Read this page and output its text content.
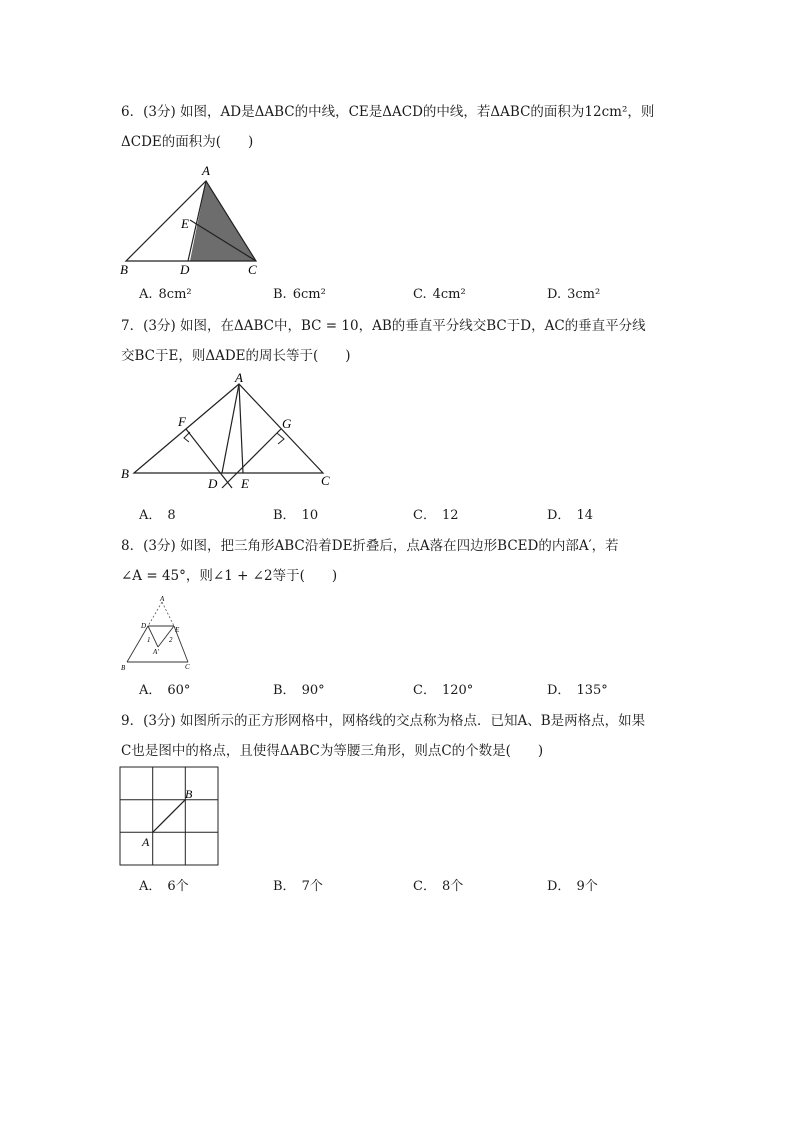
6．(3分) 如图，AD是ΔABC的中线，CE是ΔACD的中线，若ΔABC的面积为12cm²，则
ΔCDE的面积为(　　)
A
E
B	D	C
A. 8cm²	B. 6cm²	C. 4cm²	D. 3cm²
7．(3分) 如图，在ΔABC中，BC = 10，AB的垂直平分线交BC于D，AC的垂直平分线
交BC于E，则ΔADE的周长等于(　　)
A
F	G
B
D E	C
A． 8	B． 10	C． 12	D． 14
8．(3分) 如图，把三角形ABC沿着DE折叠后，点A落在四边形BCED的内部A′，若
∠A = 45°，则∠1 + ∠2等于(　　)
A
D	E
1	2
A′
B	C
A． 60°	B． 90°	C． 120°	D． 135°
9．(3分) 如图所示的正方形网格中，网格线的交点称为格点．已知A、B是两格点，如果
C也是图中的格点，且使得ΔABC为等腰三角形，则点C的个数是(　　)
B
A
A． 6个	B． 7个	C． 8个	D． 9个
